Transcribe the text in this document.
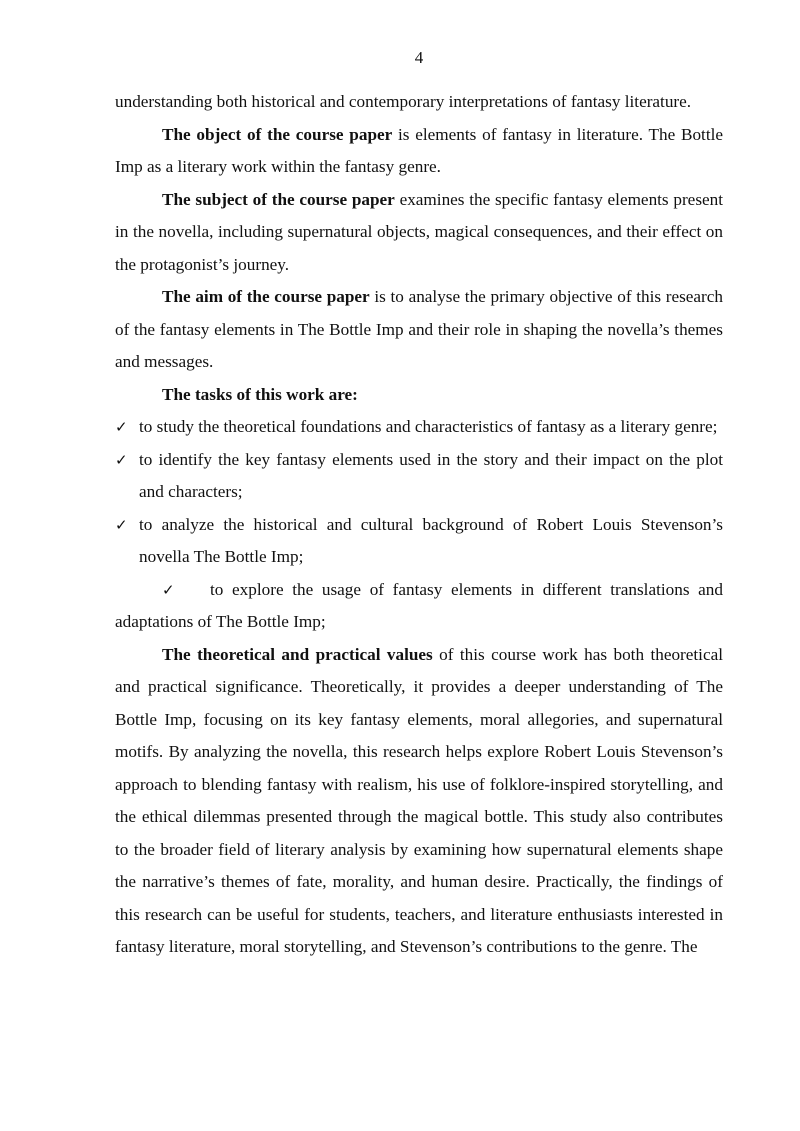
4

understanding both historical and contemporary interpretations of fantasy literature.

The object of the course paper is elements of fantasy in literature. The Bottle Imp as a literary work within the fantasy genre.

The subject of the course paper examines the specific fantasy elements present in the novella, including supernatural objects, magical consequences, and their effect on the protagonist’s journey.

The aim of the course paper is to analyse the primary objective of this research of the fantasy elements in The Bottle Imp and their role in shaping the novella’s themes and messages.

The tasks of this work are:

✓ to study the theoretical foundations and characteristics of fantasy as a literary genre;
✓ to identify the key fantasy elements used in the story and their impact on the plot and characters;
✓ to analyze the historical and cultural background of Robert Louis Stevenson’s novella The Bottle Imp;

✓ to explore the usage of fantasy elements in different translations and adaptations of The Bottle Imp;

The theoretical and practical values of this course work has both theoretical and practical significance. Theoretically, it provides a deeper understanding of The Bottle Imp, focusing on its key fantasy elements, moral allegories, and supernatural motifs. By analyzing the novella, this research helps explore Robert Louis Stevenson’s approach to blending fantasy with realism, his use of folklore-inspired storytelling, and the ethical dilemmas presented through the magical bottle. This study also contributes to the broader field of literary analysis by examining how supernatural elements shape the narrative’s themes of fate, morality, and human desire. Practically, the findings of this research can be useful for students, teachers, and literature enthusiasts interested in fantasy literature, moral storytelling, and Stevenson’s contributions to the genre. The
